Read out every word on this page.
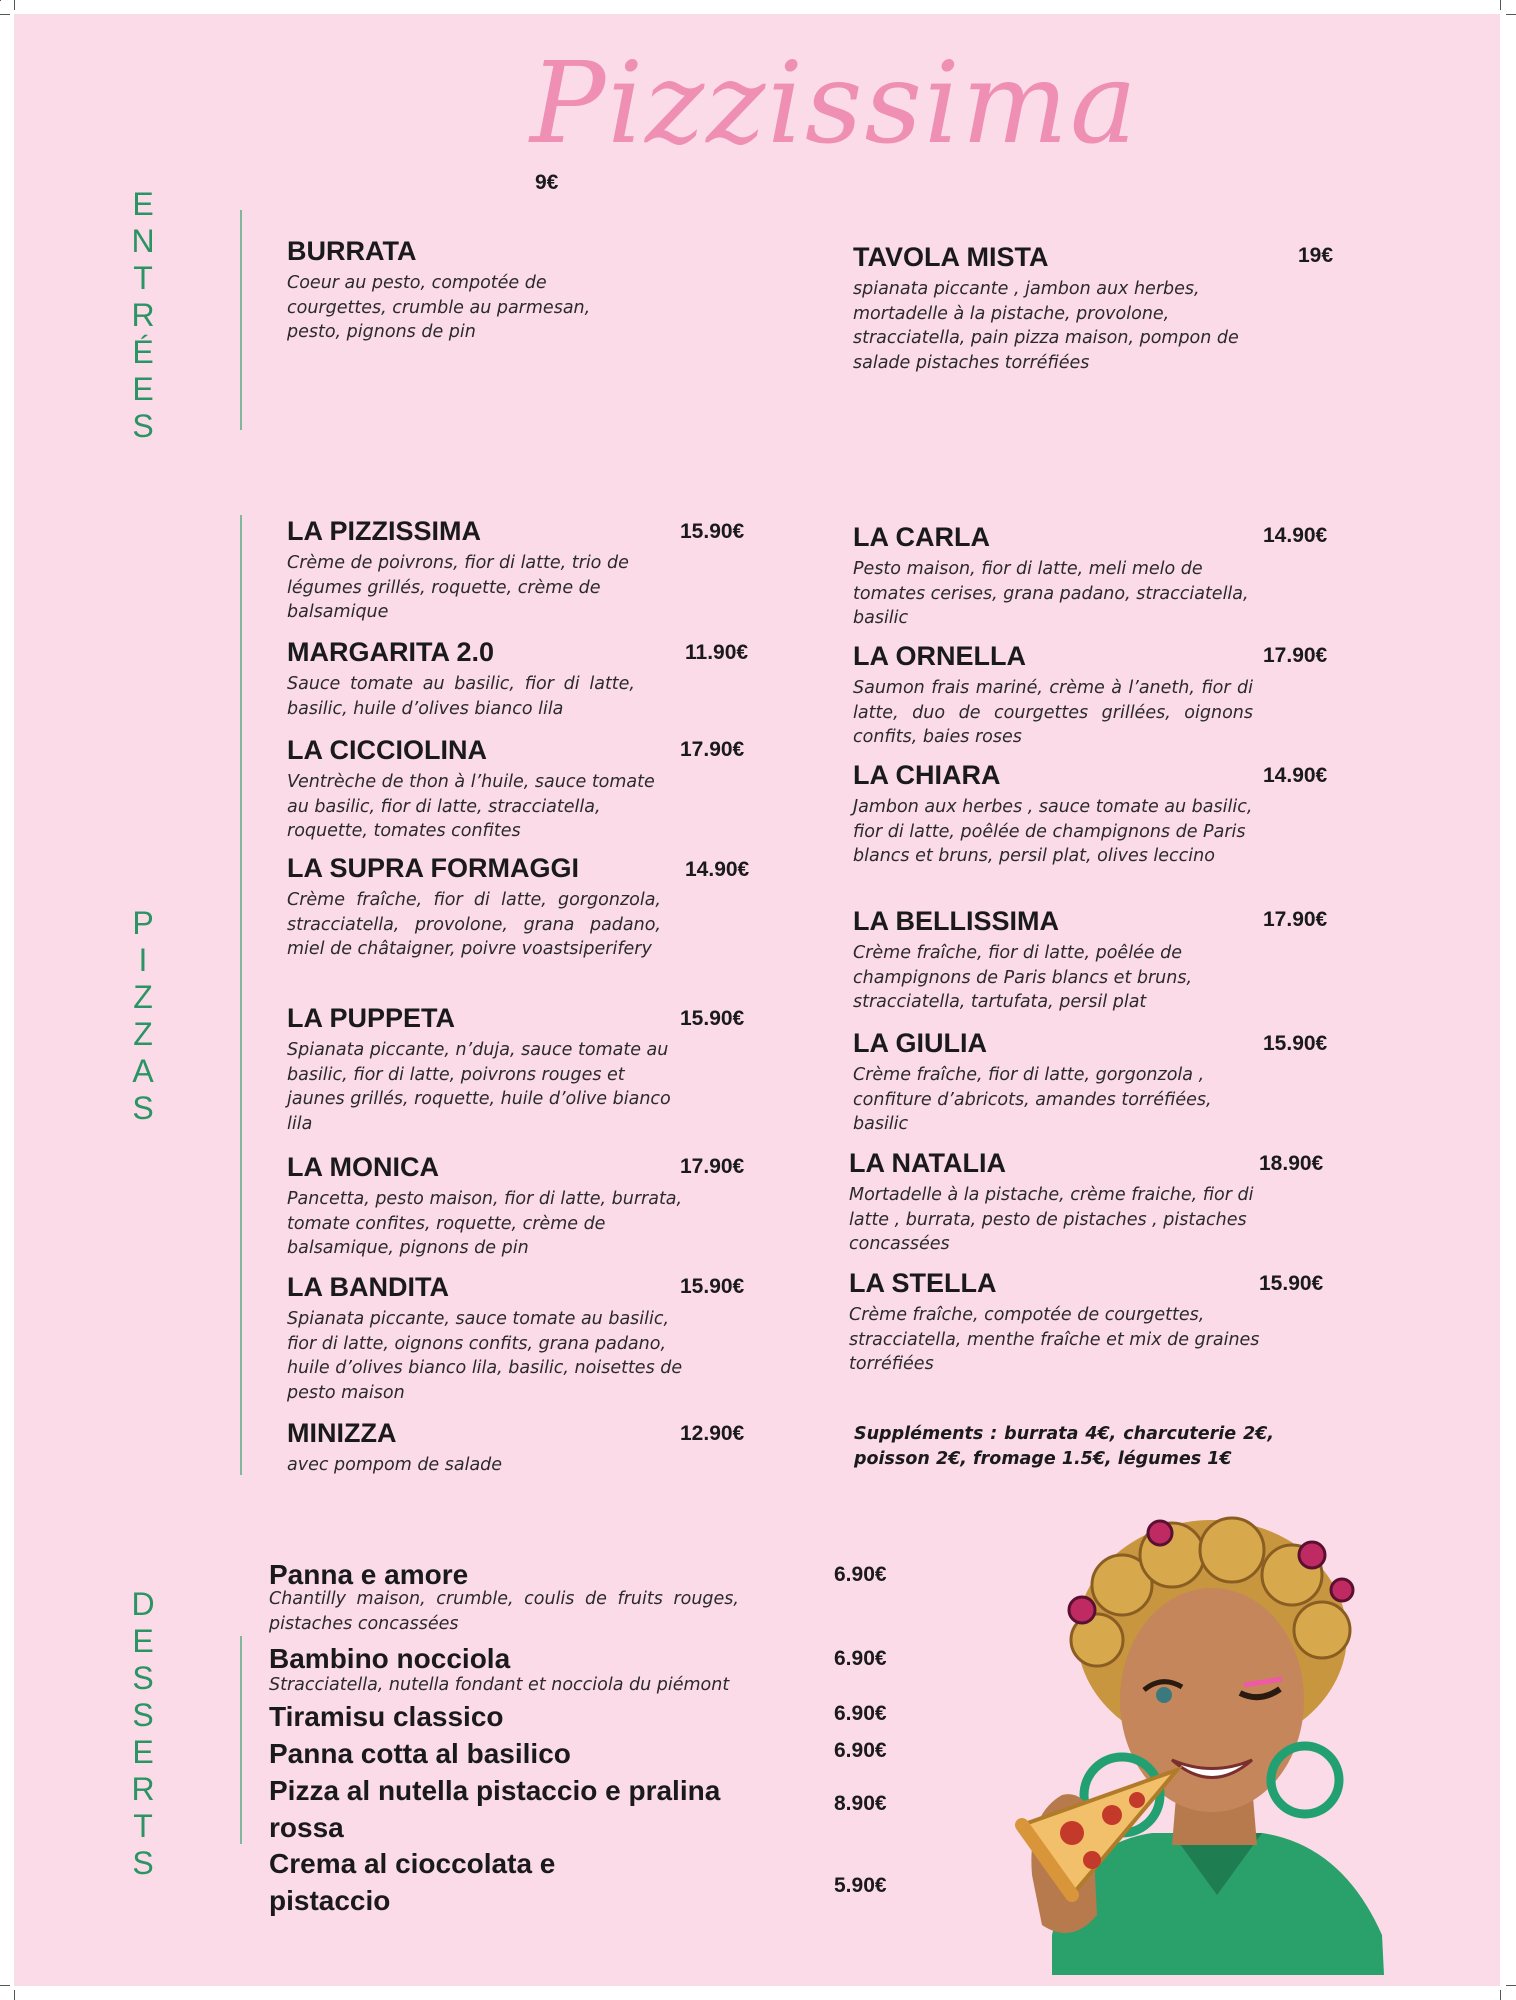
Pizzissima
E
N
T
R
É
E
S
9€
BURRATA
Coeur au pesto, compotée de courgettes, crumble au parmesan, pesto, pignons de pin
19€
TAVOLA MISTA
spianata piccante , jambon aux herbes, mortadelle à la pistache, provolone, stracciatella, pain pizza maison, pompon de salade pistaches torréfiées
P
I
Z
Z
A
S
LA PIZZISSIMA
Crème de poivrons, fior di latte, trio de légumes grillés, roquette, crème de balsamique
15.90€
MARGARITA 2.0
Sauce tomate au basilic, fior di latte, basilic, huile d’olives bianco lila
11.90€
LA CICCIOLINA
Ventrèche de thon à l’huile, sauce tomate au basilic, fior di latte, stracciatella, roquette, tomates confites
17.90€
LA SUPRA FORMAGGI
Crème fraîche, fior di latte, gorgonzola, stracciatella, provolone, grana padano, miel de châtaigner, poivre voastsiperifery
14.90€
LA PUPPETA
Spianata piccante, n’duja, sauce tomate au basilic, fior di latte, poivrons rouges et jaunes grillés, roquette, huile d’olive bianco lila
15.90€
LA MONICA
Pancetta, pesto maison, fior di latte, burrata, tomate confites, roquette, crème de balsamique, pignons de pin
17.90€
LA BANDITA
Spianata piccante, sauce tomate au basilic, fior di latte, oignons confits, grana padano, huile d’olives bianco lila, basilic, noisettes de pesto maison
15.90€
MINIZZA
avec pompom de salade
12.90€
LA CARLA
Pesto maison, fior di latte, meli melo de tomates cerises, grana padano, stracciatella, basilic
14.90€
LA ORNELLA
Saumon frais mariné, crème à l’aneth, fior di latte, duo de courgettes grillées, oignons confits, baies roses
17.90€
LA CHIARA
Jambon aux herbes , sauce tomate au basilic, fior di latte, poêlée de champignons de Paris blancs et bruns, persil plat, olives leccino
14.90€
LA BELLISSIMA
Crème fraîche, fior di latte, poêlée de champignons de Paris blancs et bruns, stracciatella, tartufata, persil plat
17.90€
LA GIULIA
Crème fraîche, fior di latte, gorgonzola , confiture d’abricots, amandes torréfiées, basilic
15.90€
LA NATALIA
Mortadelle à la pistache, crème fraiche, fior di latte , burrata, pesto de pistaches , pistaches concassées
18.90€
LA STELLA
Crème fraîche, compotée de courgettes, stracciatella, menthe fraîche et mix de graines torréfiées
15.90€
Suppléments : burrata 4€, charcuterie 2€, poisson 2€, fromage 1.5€, légumes 1€
D
E
S
S
E
R
T
S
Panna e amore
Chantilly maison, crumble, coulis de fruits rouges, pistaches concassées
6.90€
Bambino nocciola
Stracciatella, nutella fondant et nocciola du piémont
6.90€
Tiramisu classico	6.90€
Panna cotta al basilico	6.90€
Pizza al nutella pistaccio e pralina rossa
8.90€
Crema al cioccolata e pistaccio	5.90€
